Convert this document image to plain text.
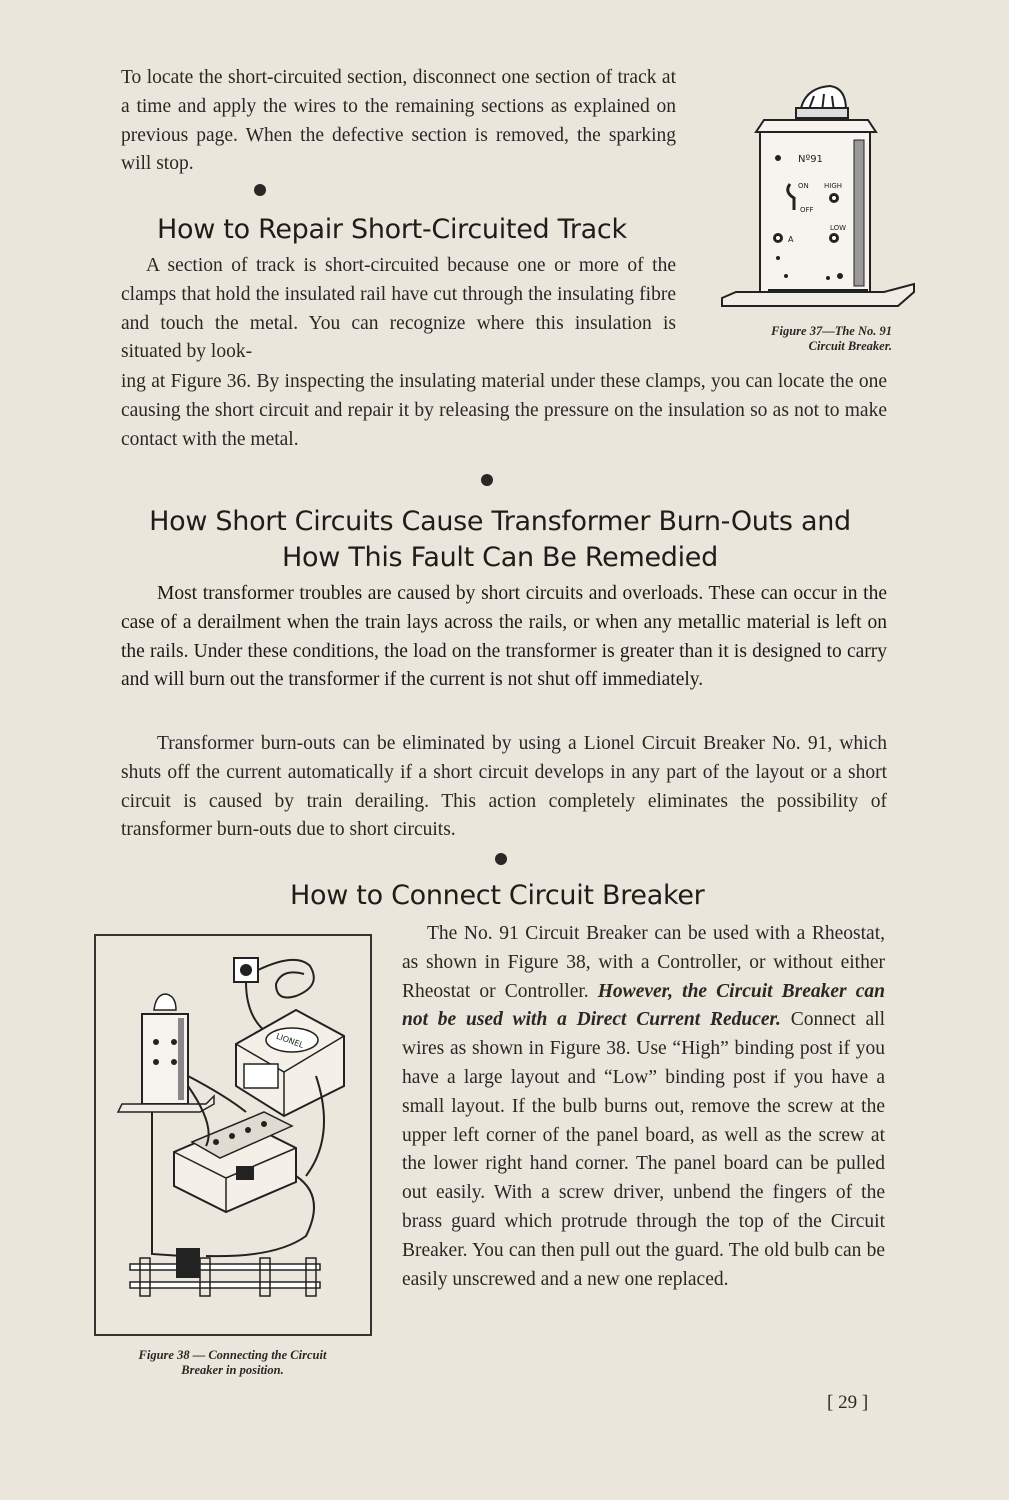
To locate the short-circuited section, disconnect one section of track at a time and apply the wires to the remaining sections as explained on previous page. When the defective section is removed, the sparking will stop.
How to Repair Short-Circuited Track
A section of track is short-circuited because one or more of the clamps that hold the insulated rail have cut through the insulating fibre and touch the metal. You can recognize where this insulation is situated by look-
ing at Figure 36. By inspecting the insulating material under these clamps, you can locate the one causing the short circuit and repair it by releasing the pressure on the insulation so as not to make contact with the metal.
Nº91
ON HIGH
OFF
LOW
A
Figure 37—The No. 91 Circuit Breaker.
How Short Circuits Cause Transformer Burn-Outs and
How This Fault Can Be Remedied
Most transformer troubles are caused by short circuits and overloads. These can occur in the case of a derailment when the train lays across the rails, or when any metallic material is left on the rails. Under these conditions, the load on the transformer is greater than it is designed to carry and will burn out the transformer if the current is not shut off immediately.
Transformer burn-outs can be eliminated by using a Lionel Circuit Breaker No. 91, which shuts off the current automatically if a short circuit develops in any part of the layout or a short circuit is caused by train derailing. This action completely eliminates the possibility of transformer burn-outs due to short circuits.
How to Connect Circuit Breaker
LIONEL
Figure 38 — Connecting the Circuit Breaker in position.
The No. 91 Circuit Breaker can be used with a Rheostat, as shown in Figure 38, with a Controller, or without either Rheostat or Controller. However, the Circuit Breaker can not be used with a Direct Current Reducer. Connect all wires as shown in Figure 38. Use “High” binding post if you have a large layout and “Low” binding post if you have a small layout. If the bulb burns out, remove the screw at the upper left corner of the panel board, as well as the screw at the lower right hand corner. The panel board can be pulled out easily. With a screw driver, unbend the fingers of the brass guard which protrude through the top of the Circuit Breaker. You can then pull out the guard. The old bulb can be easily unscrewed and a new one replaced.
[ 29 ]
